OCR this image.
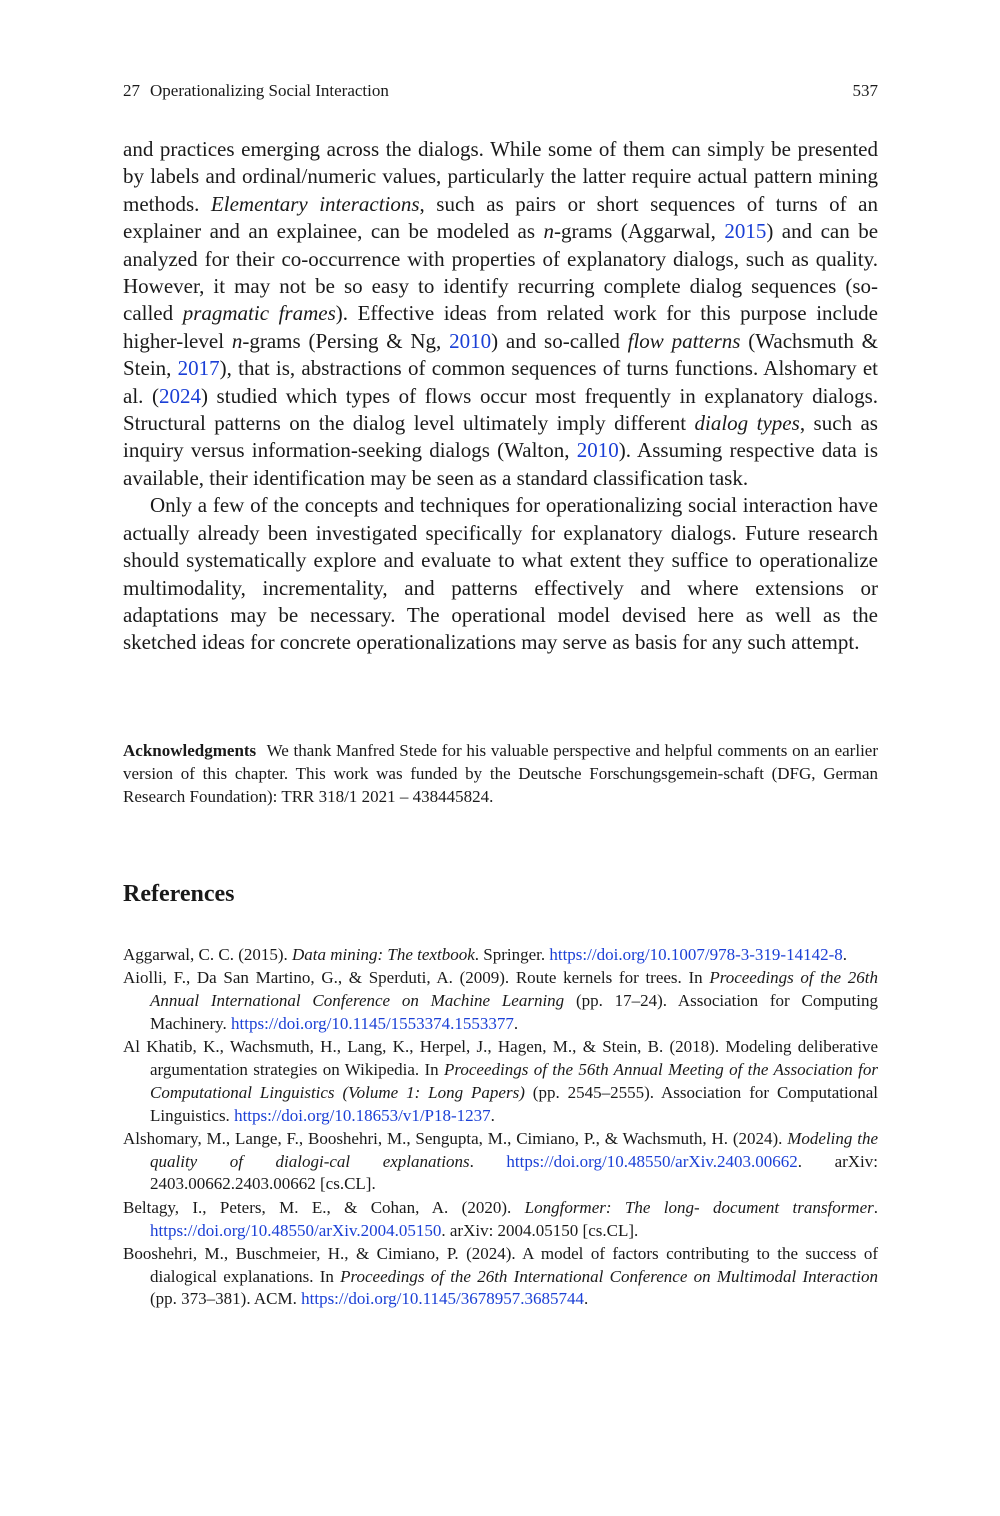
27 Operationalizing Social Interaction	537

and practices emerging across the dialogs. While some of them can simply be presented by labels and ordinal/numeric values, particularly the latter require actual pattern mining methods. Elementary interactions, such as pairs or short sequences of turns of an explainer and an explainee, can be modeled as n-grams (Aggarwal, 2015) and can be analyzed for their co-occurrence with properties of explanatory dialogs, such as quality. However, it may not be so easy to identify recurring complete dialog sequences (so-called pragmatic frames). Effective ideas from related work for this purpose include higher-level n-grams (Persing & Ng, 2010) and so-called flow patterns (Wachsmuth & Stein, 2017), that is, abstractions of common sequences of turns functions. Alshomary et al. (2024) studied which types of flows occur most frequently in explanatory dialogs. Structural patterns on the dialog level ultimately imply different dialog types, such as inquiry versus information-seeking dialogs (Walton, 2010). Assuming respective data is available, their identification may be seen as a standard classification task.

Only a few of the concepts and techniques for operationalizing social interaction have actually already been investigated specifically for explanatory dialogs. Future research should systematically explore and evaluate to what extent they suffice to operationalize multimodality, incrementality, and patterns effectively and where extensions or adaptations may be necessary. The operational model devised here as well as the sketched ideas for concrete operationalizations may serve as basis for any such attempt.

Acknowledgments We thank Manfred Stede for his valuable perspective and helpful comments on an earlier version of this chapter. This work was funded by the Deutsche Forschungsgemein-schaft (DFG, German Research Foundation): TRR 318/1 2021 – 438445824.

References
Aggarwal, C. C. (2015). Data mining: The textbook. Springer. https://doi.org/10.1007/978-3-319-14142-8.
Aiolli, F., Da San Martino, G., & Sperduti, A. (2009). Route kernels for trees. In Proceedings of the 26th Annual International Conference on Machine Learning (pp. 17–24). Association for Computing Machinery. https://doi.org/10.1145/1553374.1553377.
Al Khatib, K., Wachsmuth, H., Lang, K., Herpel, J., Hagen, M., & Stein, B. (2018). Modeling deliberative argumentation strategies on Wikipedia. In Proceedings of the 56th Annual Meeting of the Association for Computational Linguistics (Volume 1: Long Papers) (pp. 2545–2555). Association for Computational Linguistics. https://doi.org/10.18653/v1/P18-1237.
Alshomary, M., Lange, F., Booshehri, M., Sengupta, M., Cimiano, P., & Wachsmuth, H. (2024). Modeling the quality of dialogi-cal explanations. https://doi.org/10.48550/arXiv.2403.00662. arXiv: 2403.00662.2403.00662 [cs.CL].
Beltagy, I., Peters, M. E., & Cohan, A. (2020). Longformer: The long- document transformer. https://doi.org/10.48550/arXiv.2004.05150. arXiv: 2004.05150 [cs.CL].
Booshehri, M., Buschmeier, H., & Cimiano, P. (2024). A model of factors contributing to the success of dialogical explanations. In Proceedings of the 26th International Conference on Multimodal Interaction (pp. 373–381). ACM. https://doi.org/10.1145/3678957.3685744.
